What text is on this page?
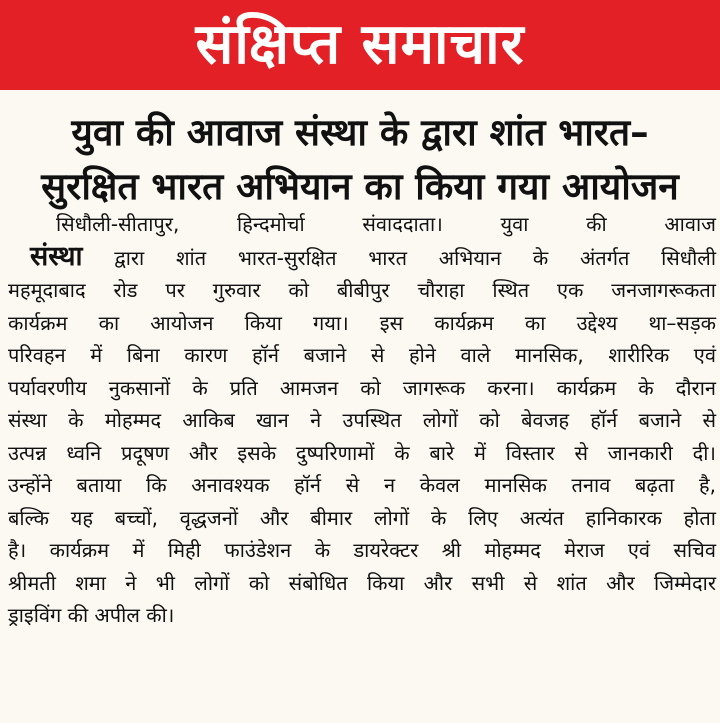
संक्षिप्त समाचार
युवा की आवाज संस्था के द्वारा शांत भारत–
सुरक्षित भारत अभियान का किया गया आयोजन
सिधौली-सीतापुर, हिन्दमोर्चा संवाददाता। युवा की आवाज
संस्था द्वारा शांत भारत-सुरक्षित भारत अभियान के अंतर्गत सिधौली
महमूदाबाद रोड पर गुरुवार को बीबीपुर चौराहा स्थित एक जनजागरूकता
कार्यक्रम का आयोजन किया गया। इस कार्यक्रम का उद्देश्य था–सड़क
परिवहन में बिना कारण हॉर्न बजाने से होने वाले मानसिक, शारीरिक एवं
पर्यावरणीय नुकसानों के प्रति आमजन को जागरूक करना। कार्यक्रम के दौरान
संस्था के मोहम्मद आकिब खान ने उपस्थित लोगों को बेवजह हॉर्न बजाने से
उत्पन्न ध्वनि प्रदूषण और इसके दुष्परिणामों के बारे में विस्तार से जानकारी दी।
उन्होंने बताया कि अनावश्यक हॉर्न से न केवल मानसिक तनाव बढ़ता है,
बल्कि यह बच्चों, वृद्धजनों और बीमार लोगों के लिए अत्यंत हानिकारक होता
है। कार्यक्रम में मिही फाउंडेशन के डायरेक्टर श्री मोहम्मद मेराज एवं सचिव
श्रीमती शमा ने भी लोगों को संबोधित किया और सभी से शांत और जिम्मेदार
ड्राइविंग की अपील की।
